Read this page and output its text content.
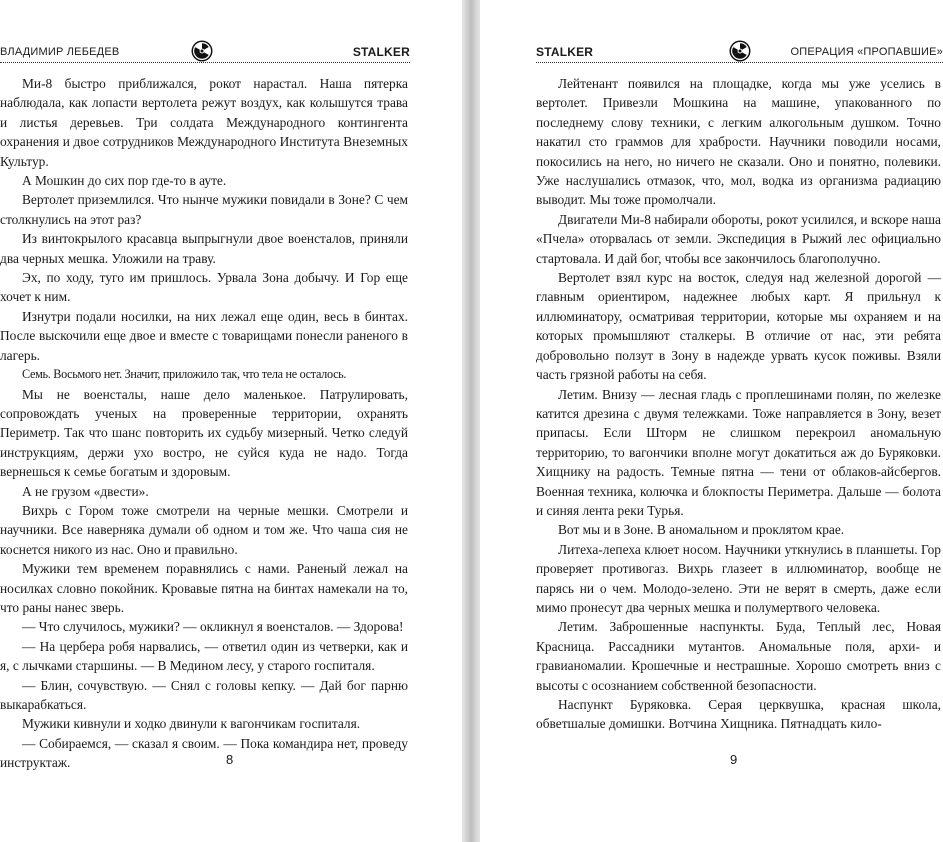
ВЛАДИМИР ЛЕБЕДЕВ	STALKER

Ми-8 быстро приближался, рокот нарастал. Наша пятерка наблюдала, как лопасти вертолета режут воздух, как колышутся трава и листья деревьев. Три солдата Международного контингента охранения и двое сотрудников Международного Института Внеземных Культур.

А Мошкин до сих пор где-то в ауте.

Вертолет приземлился. Что нынче мужики повидали в Зоне? С чем столкнулись на этот раз?

Из винтокрылого красавца выпрыгнули двое военсталов, приняли два черных мешка. Уложили на траву.

Эх, по ходу, туго им пришлось. Урвала Зона добычу. И Гор еще хочет к ним.

Изнутри подали носилки, на них лежал еще один, весь в бинтах. После выскочили еще двое и вместе с товарищами понесли раненого в лагерь.

Семь. Восьмого нет. Значит, приложило так, что тела не осталось.

Мы не военсталы, наше дело маленькое. Патрулировать, сопровождать ученых на проверенные территории, охранять Периметр. Так что шанс повторить их судьбу мизерный. Четко следуй инструкциям, держи ухо востро, не суйся куда не надо. Тогда вернешься к семье богатым и здоровым.

А не грузом «двести».

Вихрь с Гором тоже смотрели на черные мешки. Смотрели и научники. Все наверняка думали об одном и том же. Что чаша сия не коснется никого из нас. Оно и правильно.

Мужики тем временем поравнялись с нами. Раненый лежал на носилках словно покойник. Кровавые пятна на бинтах намекали на то, что раны нанес зверь.

— Что случилось, мужики? — окликнул я военсталов. — Здорова!

— На цербера робя нарвались, — ответил один из четверки, как и я, с лычками старшины. — В Медином лесу, у старого госпиталя.

— Блин, сочувствую. — Снял с головы кепку. — Дай бог парню выкарабкаться.

Мужики кивнули и ходко двинули к вагончикам госпиталя.

— Собираемся, — сказал я своим. — Пока командира нет, проведу инструктаж.	8
STALKER	ОПЕРАЦИЯ «ПРОПАВШИЕ»

Лейтенант появился на площадке, когда мы уже уселись в вертолет. Привезли Мошкина на машине, упакованного по последнему слову техники, с легким алкогольным душком. Точно накатил сто граммов для храбрости. Научники поводили носами, покосились на него, но ничего не сказали. Оно и понятно, полевики. Уже наслушались отмазок, что, мол, водка из организма радиацию выводит. Мы тоже промолчали.

Двигатели Ми-8 набирали обороты, рокот усилился, и вскоре наша «Пчела» оторвалась от земли. Экспедиция в Рыжий лес официально стартовала. И дай бог, чтобы все закончилось благополучно.

Вертолет взял курс на восток, следуя над железной дорогой — главным ориентиром, надежнее любых карт. Я прильнул к иллюминатору, осматривая территории, которые мы охраняем и на которых промышляют сталкеры. В отличие от нас, эти ребята добровольно ползут в Зону в надежде урвать кусок поживы. Взяли часть грязной работы на себя.

Летим. Внизу — лесная гладь с проплешинами полян, по железке катится дрезина с двумя тележками. Тоже направляется в Зону, везет припасы. Если Шторм не слишком перекроил аномальную территорию, то вагончики вполне могут докатиться аж до Буряковки. Хищнику на радость. Темные пятна — тени от облаков-айсбергов. Военная техника, колючка и блокпосты Периметра. Дальше — болота и синяя лента реки Турья.

Вот мы и в Зоне. В аномальном и проклятом крае.

Литеха-лепеха клюет носом. Научники уткнулись в планшеты. Гор проверяет противогаз. Вихрь глазеет в иллюминатор, вообще не парясь ни о чем. Молодо-зелено. Эти не верят в смерть, даже если мимо пронесут два черных мешка и полумертвого человека.

Летим. Заброшенные наспункты. Буда, Теплый лес, Новая Красница. Рассадники мутантов. Аномальные поля, архи- и гравианомалии. Крошечные и нестрашные. Хорошо смотреть вниз с высоты с осознанием собственной безопасности.

Наспункт Буряковка. Серая церквушка, красная школа, обветшалые домишки. Вотчина Хищника. Пятнадцать кило-

9
